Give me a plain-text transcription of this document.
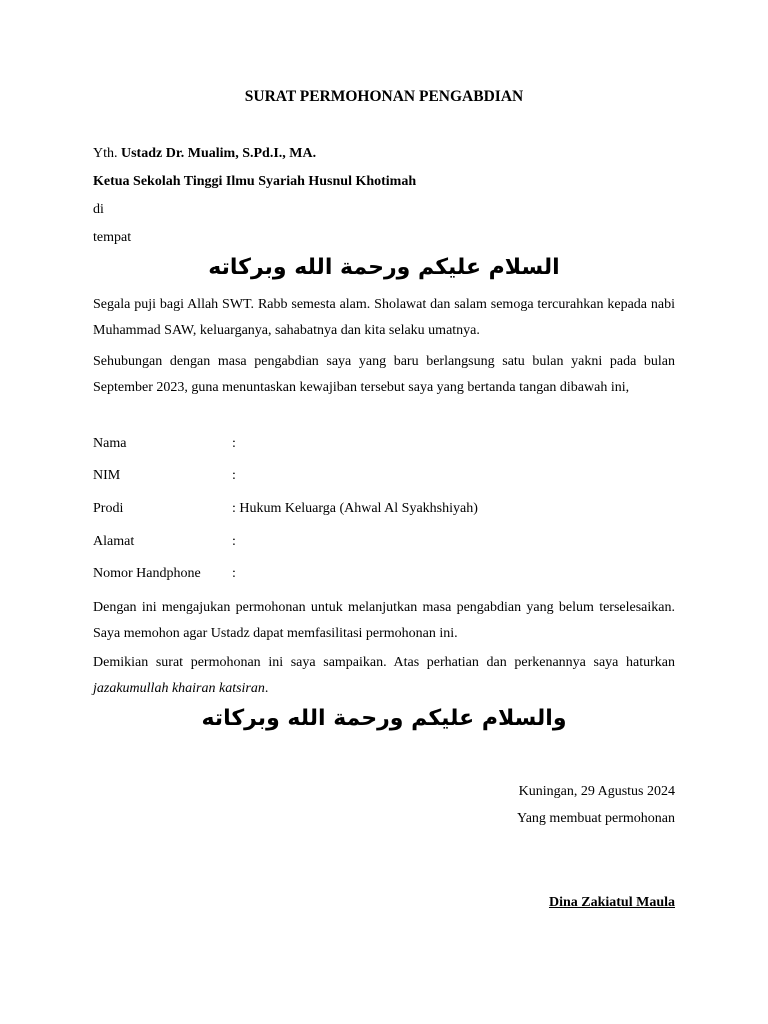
SURAT PERMOHONAN PENGABDIAN
Yth. Ustadz Dr. Mualim, S.Pd.I., MA.
Ketua Sekolah Tinggi Ilmu Syariah Husnul Khotimah
di
tempat
السلام عليكم ورحمة الله وبركاته
Segala puji bagi Allah SWT. Rabb semesta alam. Sholawat dan salam semoga tercurahkan kepada nabi Muhammad SAW, keluarganya, sahabatnya dan kita selaku umatnya.
Sehubungan dengan masa pengabdian saya yang baru berlangsung satu bulan yakni pada bulan September 2023, guna menuntaskan kewajiban tersebut saya yang bertanda tangan dibawah ini,
Nama	:
NIM	:
Prodi	: Hukum Keluarga (Ahwal Al Syakhshiyah)
Alamat	:
Nomor Handphone	:
Dengan ini mengajukan permohonan untuk melanjutkan masa pengabdian yang belum terselesaikan. Saya memohon agar Ustadz dapat memfasilitasi permohonan ini.
Demikian surat permohonan ini saya sampaikan. Atas perhatian dan perkenannya saya haturkan jazakumullah khairan katsiran.
والسلام عليكم ورحمة الله وبركاته
Kuningan, 29 Agustus 2024
Yang membuat permohonan
Dina Zakiatul Maula
